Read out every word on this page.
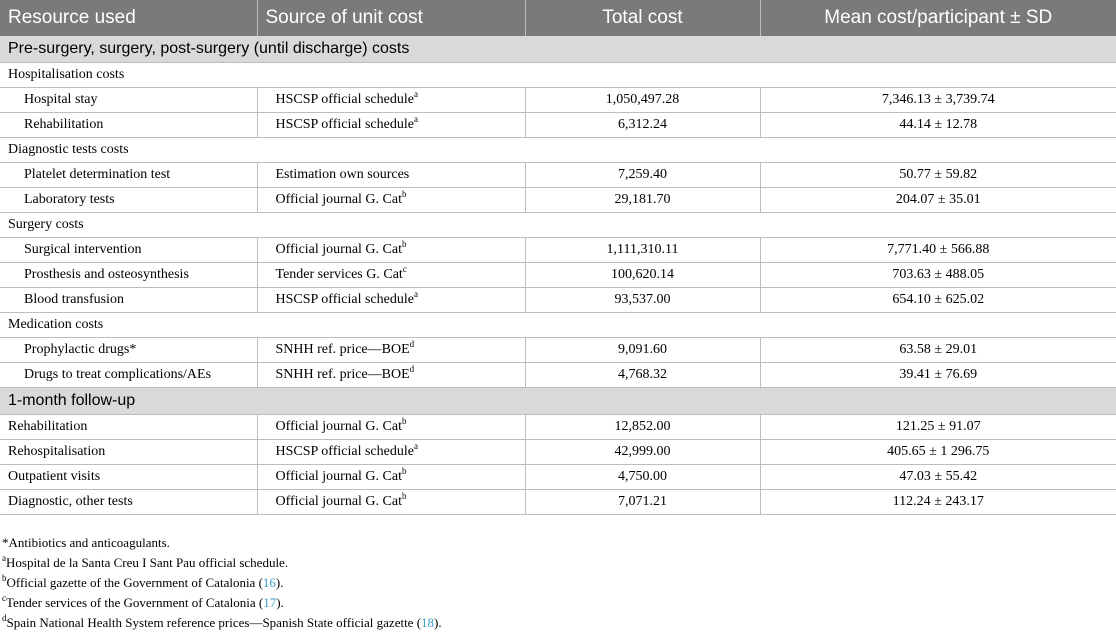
Resource used	Source of unit cost	Total cost	Mean cost/participant ± SD
Pre-surgery, surgery, post-surgery (until discharge) costs			
Hospitalisation costs			
Hospital stay	HSCSP official schedule$^a$	1,050,497.28	7,346.13 ± 3,739.74
Rehabilitation	HSCSP official schedule$^a$	6,312.24	44.14 ± 12.78
Diagnostic tests costs			
Platelet determination test	Estimation own sources	7,259.40	50.77 ± 59.82
Laboratory tests	Official journal G. Cat$^b$	29,181.70	204.07 ± 35.01
Surgery costs			
Surgical intervention	Official journal G. Cat$^b$	1,111,310.11	7,771.40 ± 566.88
Prosthesis and osteosynthesis	Tender services G. Cat$^c$	100,620.14	703.63 ± 488.05
Blood transfusion	HSCSP official schedule$^a$	93,537.00	654.10 ± 625.02
Medication costs			
Prophylactic drugs*	SNHH ref. price—BOE$^d$	9,091.60	63.58 ± 29.01
Drugs to treat complications/AEs	SNHH ref. price—BOE$^d$	4,768.32	39.41 ± 76.69
1-month follow-up			
Rehabilitation	Official journal G. Cat$^b$	12,852.00	121.25 ± 91.07
Rehospitalisation	HSCSP official schedule$^a$	42,999.00	405.65 ± 1 296.75
Outpatient visits	Official journal G. Cat$^b$	4,750.00	47.03 ± 55.42
Diagnostic, other tests	Official journal G. Cat$^b$	7,071.21	112.24 ± 243.17
*Antibiotics and anticoagulants.
$^a$Hospital de la Santa Creu I Sant Pau official schedule.
$^b$Official gazette of the Government of Catalonia (16).
$^c$Tender services of the Government of Catalonia (17).
$^d$Spain National Health System reference prices—Spanish State official gazette (18).
